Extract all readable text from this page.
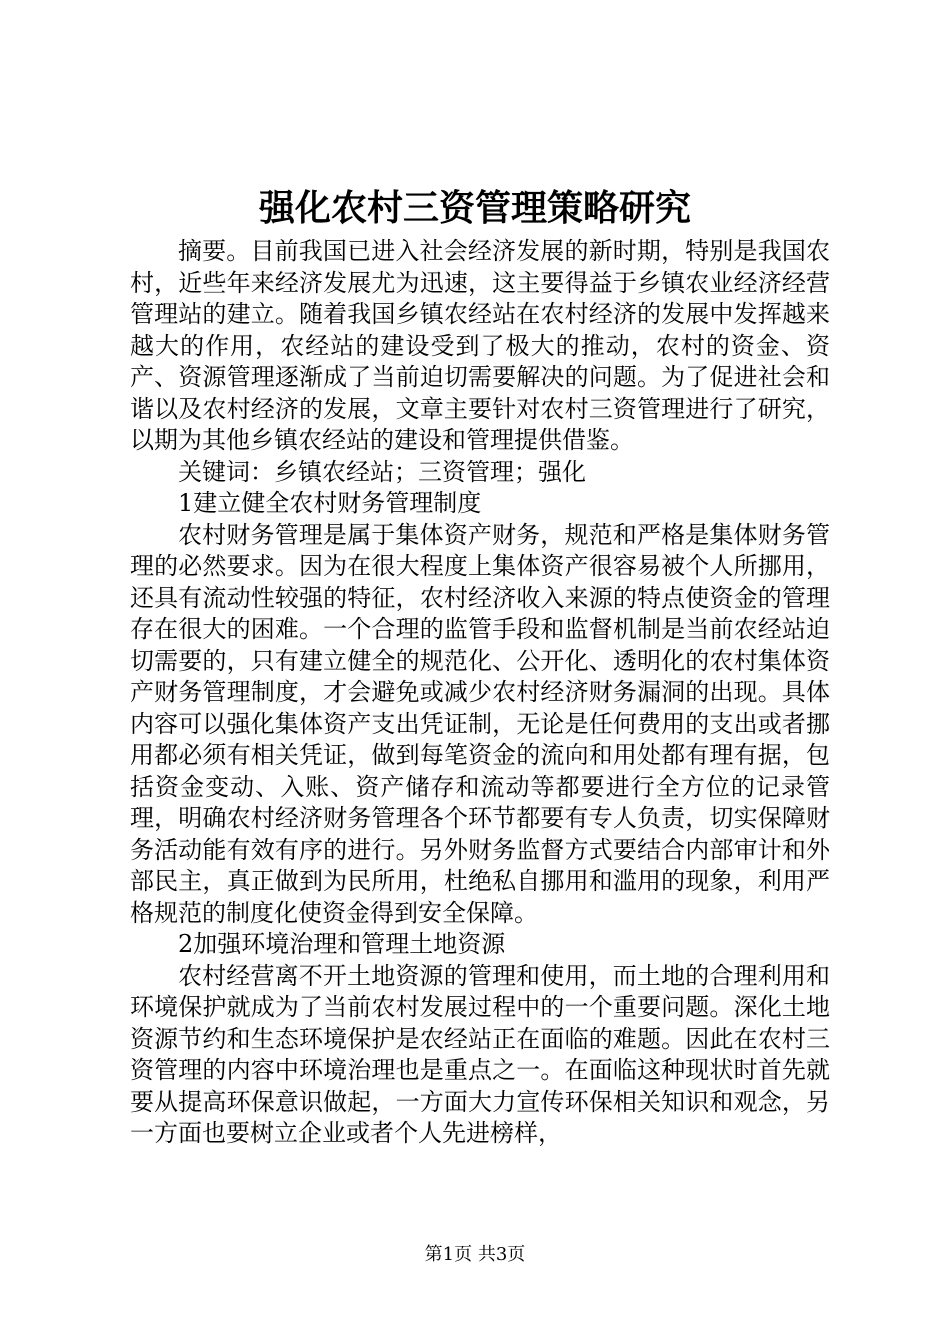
强化农村三资管理策略研究

摘要。目前我国已进入社会经济发展的新时期，特别是我国农村，近些年来经济发展尤为迅速，这主要得益于乡镇农业经济经营管理站的建立。随着我国乡镇农经站在农村经济的发展中发挥越来越大的作用，农经站的建设受到了极大的推动，农村的资金、资产、资源管理逐渐成了当前迫切需要解决的问题。为了促进社会和谐以及农村经济的发展，文章主要针对农村三资管理进行了研究，以期为其他乡镇农经站的建设和管理提供借鉴。

关键词：乡镇农经站；三资管理；强化

1建立健全农村财务管理制度

农村财务管理是属于集体资产财务，规范和严格是集体财务管理的必然要求。因为在很大程度上集体资产很容易被个人所挪用，还具有流动性较强的特征，农村经济收入来源的特点使资金的管理存在很大的困难。一个合理的监管手段和监督机制是当前农经站迫切需要的，只有建立健全的规范化、公开化、透明化的农村集体资产财务管理制度，才会避免或减少农村经济财务漏洞的出现。具体内容可以强化集体资产支出凭证制，无论是任何费用的支出或者挪用都必须有相关凭证，做到每笔资金的流向和用处都有理有据，包括资金变动、入账、资产储存和流动等都要进行全方位的记录管理，明确农村经济财务管理各个环节都要有专人负责，切实保障财务活动能有效有序的进行。另外财务监督方式要结合内部审计和外部民主，真正做到为民所用，杜绝私自挪用和滥用的现象，利用严格规范的制度化使资金得到安全保障。

2加强环境治理和管理土地资源

农村经营离不开土地资源的管理和使用，而土地的合理利用和环境保护就成为了当前农村发展过程中的一个重要问题。深化土地资源节约和生态环境保护是农经站正在面临的难题。因此在农村三资管理的内容中环境治理也是重点之一。在面临这种现状时首先就要从提高环保意识做起，一方面大力宣传环保相关知识和观念，另一方面也要树立企业或者个人先进榜样，

第1页 共3页
